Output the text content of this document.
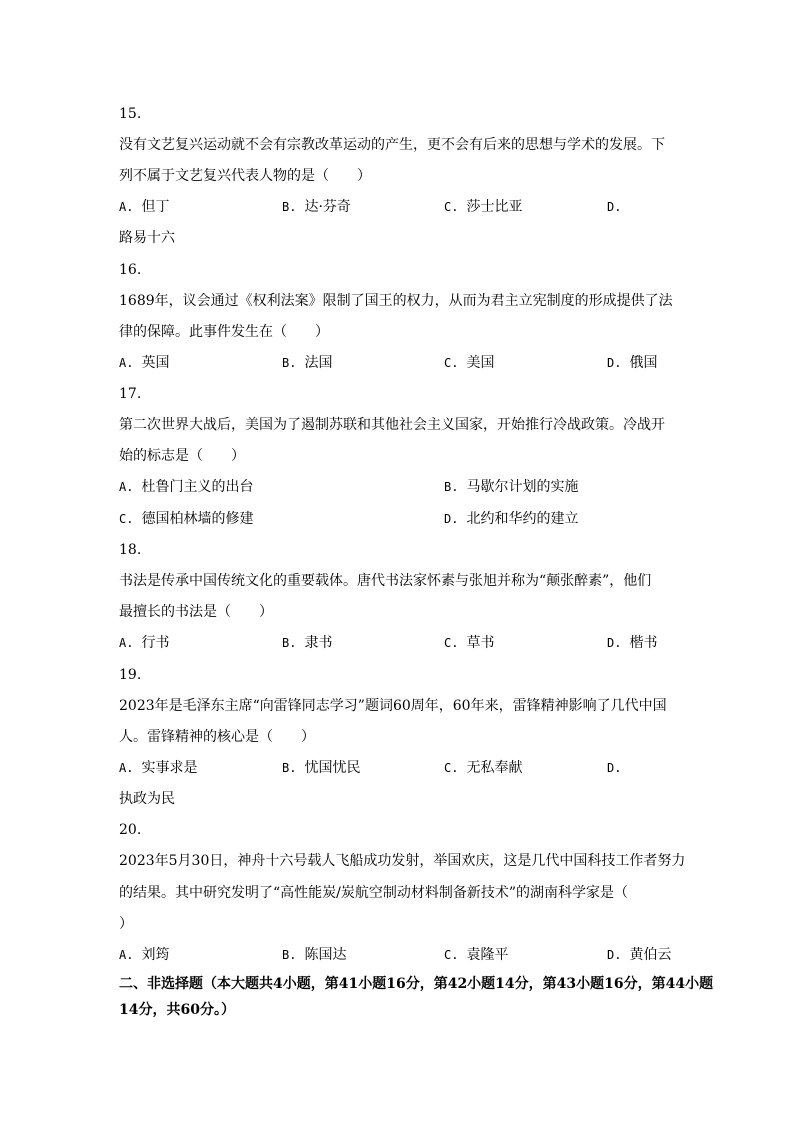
15.
没有文艺复兴运动就不会有宗教改革运动的产生，更不会有后来的思想与学术的发展。下
列不属于文艺复兴代表人物的是（　　）
A. 但丁	B. 达·芬奇	C. 莎士比亚	D.
路易十六
16.
1689年，议会通过《权利法案》限制了国王的权力，从而为君主立宪制度的形成提供了法
律的保障。此事件发生在（　　）
A. 英国	B. 法国	C. 美国	D. 俄国
17.
第二次世界大战后，美国为了遏制苏联和其他社会主义国家，开始推行冷战政策。冷战开
始的标志是（　　）
A. 杜鲁门主义的出台	B. 马歇尔计划的实施
C. 德国柏林墙的修建	D. 北约和华约的建立
18.
书法是传承中国传统文化的重要载体。唐代书法家怀素与张旭并称为“颠张醉素”，他们
最擅长的书法是（　　）
A. 行书	B. 隶书	C. 草书	D. 楷书
19.
2023年是毛泽东主席“向雷锋同志学习”题词60周年，60年来，雷锋精神影响了几代中国
人。雷锋精神的核心是（　　）
A. 实事求是	B. 忧国忧民	C. 无私奉献	D.
执政为民
20.
2023年5月30日，神舟十六号载人飞船成功发射，举国欢庆，这是几代中国科技工作者努力
的结果。其中研究发明了“高性能炭/炭航空制动材料制备新技术”的湖南科学家是（
）
A. 刘筠	B. 陈国达	C. 袁隆平	D. 黄伯云
二、非选择题（本大题共4小题，第41小题16分，第42小题14分，第43小题16分，第44小题
14分，共60分。）
